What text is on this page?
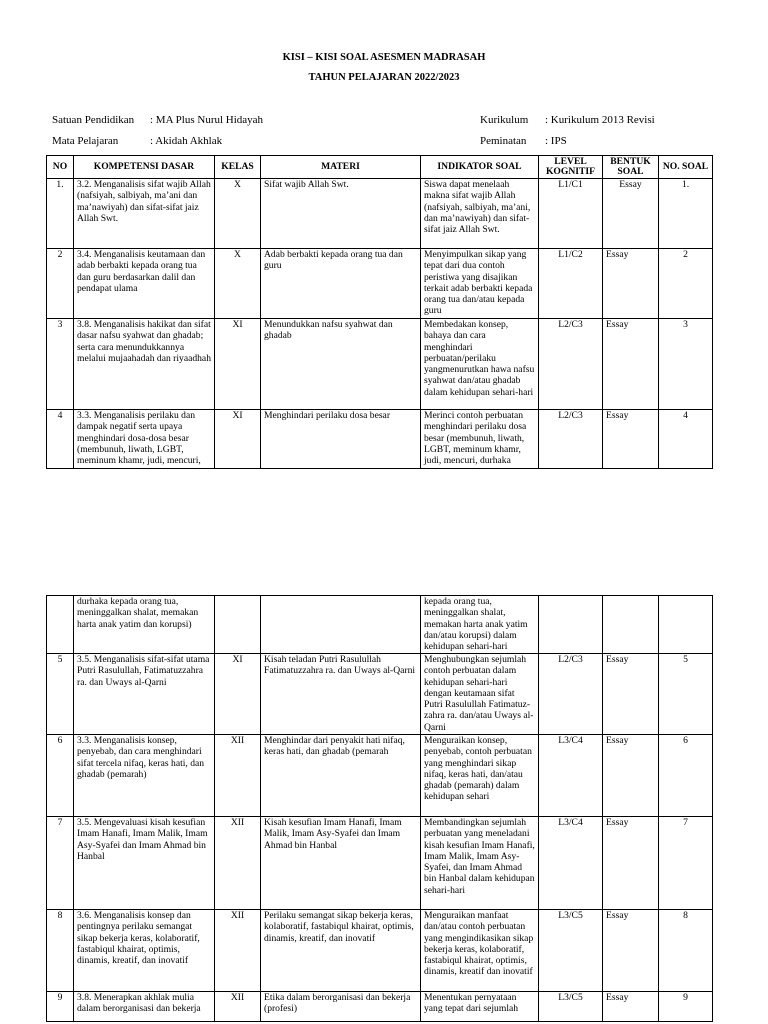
KISI – KISI SOAL ASESMEN MADRASAH
TAHUN PELAJARAN 2022/2023
Satuan Pendidikan : MA Plus Nurul Hidayah
Mata Pelajaran	: Akidah Akhlak
Kurikulum : Kurikulum 2013 Revisi
Peminatan : IPS
NO	KOMPETENSI DASAR	KELAS	MATERI	INDIKATOR SOAL	LEVEL KOGNITIF	BENTUK SOAL	NO. SOAL
1.	3.2. Menganalisis sifat wajib Allah (nafsiyah, salbiyah, ma’ani dan ma’nawiyah) dan sifat-sifat jaiz Allah Swt.	X	Sifat wajib Allah Swt.	Siswa dapat menelaah makna sifat wajib Allah (nafsiyah, salbiyah, ma’ani, dan ma’nawiyah) dan sifat-sifat jaiz Allah Swt.	L1/C1	Essay	1.
2	3.4. Menganalisis keutamaan dan adab berbakti kepada orang tua dan guru berdasarkan dalil dan pendapat ulama	X	Adab berbakti kepada orang tua dan guru	Menyimpulkan sikap yang tepat dari dua contoh peristiwa yang disajikan terkait adab berbakti kepada orang tua dan/atau kepada guru	L1/C2	Essay	2
3	3.8. Menganalisis hakikat dan sifat dasar nafsu syahwat dan ghadab; serta cara menundukkannya melalui mujaahadah dan riyaadhah	XI	Menundukkan nafsu syahwat dan ghadab	Membedakan konsep, bahaya dan cara menghindari perbuatan/perilaku yangmenurutkan hawa nafsu syahwat dan/atau ghadab dalam kehidupan sehari-hari	L2/C3	Essay	3
4	3.3. Menganalisis perilaku dan dampak negatif serta upaya menghindari dosa-dosa besar (membunuh, liwath, LGBT, meminum khamr, judi, mencuri,	XI	Menghindari perilaku dosa besar	Merinci contoh perbuatan menghindari perilaku dosa besar (membunuh, liwath, LGBT, meminum khamr, judi, mencuri, durhaka	L2/C3	Essay	4
	durhaka kepada orang tua, meninggalkan shalat, memakan harta anak yatim dan korupsi)			kepada orang tua, meninggalkan shalat, memakan harta anak yatim dan/atau korupsi) dalam kehidupan sehari-hari			
5	3.5. Menganalisis sifat-sifat utama Putri Rasulullah, Fatimatuzzahra ra. dan Uways al-Qarni	XI	Kisah teladan Putri Rasulullah Fatimatuzzahra ra. dan Uways al-Qarni	Menghubungkan sejumlah contoh perbuatan dalam kehidupan sehari-hari dengan keutamaan sifat Putri Rasulullah Fatimatuz-zahra ra. dan/atau Uways al-Qarni	L2/C3	Essay	5
6	3.3. Menganalisis konsep, penyebab, dan cara menghindari sifat tercela nifaq, keras hati, dan ghadab (pemarah)	XII	Menghindar dari penyakit hati nifaq, keras hati, dan ghadab (pemarah	Menguraikan konsep, penyebab, contoh perbuatan yang menghindari sikap nifaq, keras hati, dan/atau ghadab (pemarah) dalam kehidupan sehari	L3/C4	Essay	6
7	3.5. Mengevaluasi kisah kesufian Imam Hanafi, Imam Malik, Imam Asy-Syafei dan Imam Ahmad bin Hanbal	XII	Kisah kesufian Imam Hanafi, Imam Malik, Imam Asy-Syafei dan Imam Ahmad bin Hanbal	Membandingkan sejumlah perbuatan yang meneladani kisah kesufian Imam Hanafi, Imam Malik, Imam Asy-Syafei, dan Imam Ahmad bin Hanbal dalam kehidupan sehari-hari	L3/C4	Essay	7
8	3.6. Menganalisis konsep dan pentingnya perilaku semangat sikap bekerja keras, kolaboratif, fastabiqul khairat, optimis, dinamis, kreatif, dan inovatif	XII	Perilaku semangat sikap bekerja keras, kolaboratif, fastabiqul khairat, optimis, dinamis, kreatif, dan inovatif	Menguraikan manfaat dan/atau contoh perbuatan yang mengindikasikan sikap bekerja keras, kolaboratif, fastabiqul khairat, optimis, dinamis, kreatif dan inovatif	L3/C5	Essay	8
9	3.8. Menerapkan akhlak mulia dalam berorganisasi dan bekerja	XII	Etika dalam berorganisasi dan bekerja (profesi)	Menentukan pernyataan yang tepat dari sejumlah	L3/C5	Essay	9
